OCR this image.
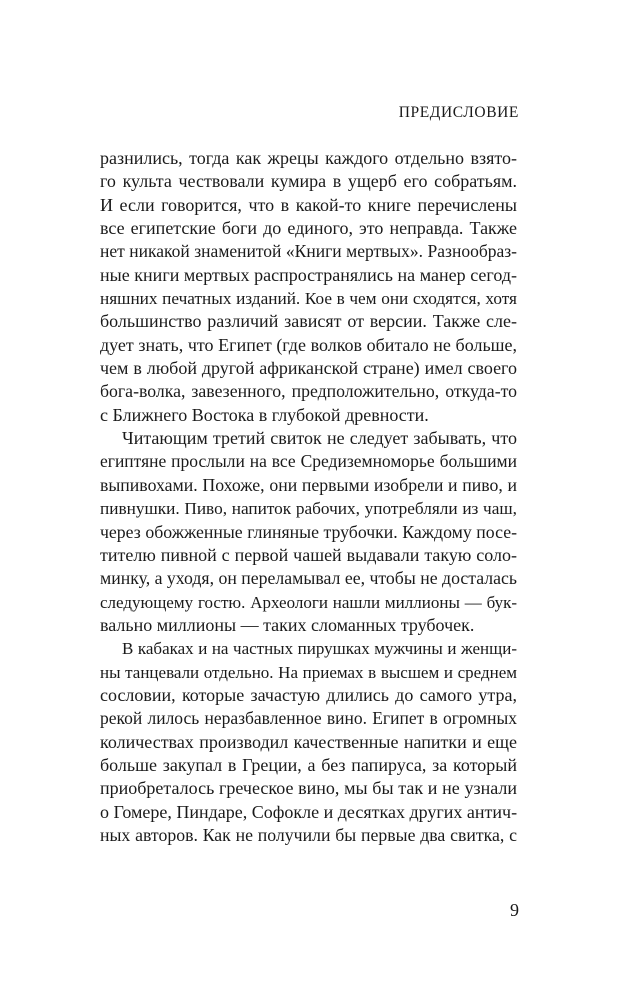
ПРЕДИСЛОВИЕ
разнились, тогда как жрецы каждого отдельно взято-
го культа чествовали кумира в ущерб его собратьям.
И если говорится, что в какой-то книге перечислены
все египетские боги до единого, это неправда. Также
нет никакой знаменитой «Книги мертвых». Разнообраз-
ные книги мертвых распространялись на манер сегод-
няшних печатных изданий. Кое в чем они сходятся, хотя
большинство различий зависят от версии. Также сле-
дует знать, что Египет (где волков обитало не больше,
чем в любой другой африканской стране) имел своего
бога-волка, завезенного, предположительно, откуда-то
с Ближнего Востока в глубокой древности.
Читающим третий свиток не следует забывать, что
египтяне прослыли на все Средиземноморье большими
выпивохами. Похоже, они первыми изобрели и пиво, и
пивнушки. Пиво, напиток рабочих, употребляли из чаш,
через обожженные глиняные трубочки. Каждому посе-
тителю пивной с первой чашей выдавали такую соло-
минку, а уходя, он переламывал ее, чтобы не досталась
следующему гостю. Археологи нашли миллионы — бук-
вально миллионы — таких сломанных трубочек.
В кабаках и на частных пирушках мужчины и женщи-
ны танцевали отдельно. На приемах в высшем и среднем
сословии, которые зачастую длились до самого утра,
рекой лилось неразбавленное вино. Египет в огромных
количествах производил качественные напитки и еще
больше закупал в Греции, а без папируса, за который
приобреталось греческое вино, мы бы так и не узнали
о Гомере, Пиндаре, Софокле и десятках других антич-
ных авторов. Как не получили бы первые два свитка, с
9
